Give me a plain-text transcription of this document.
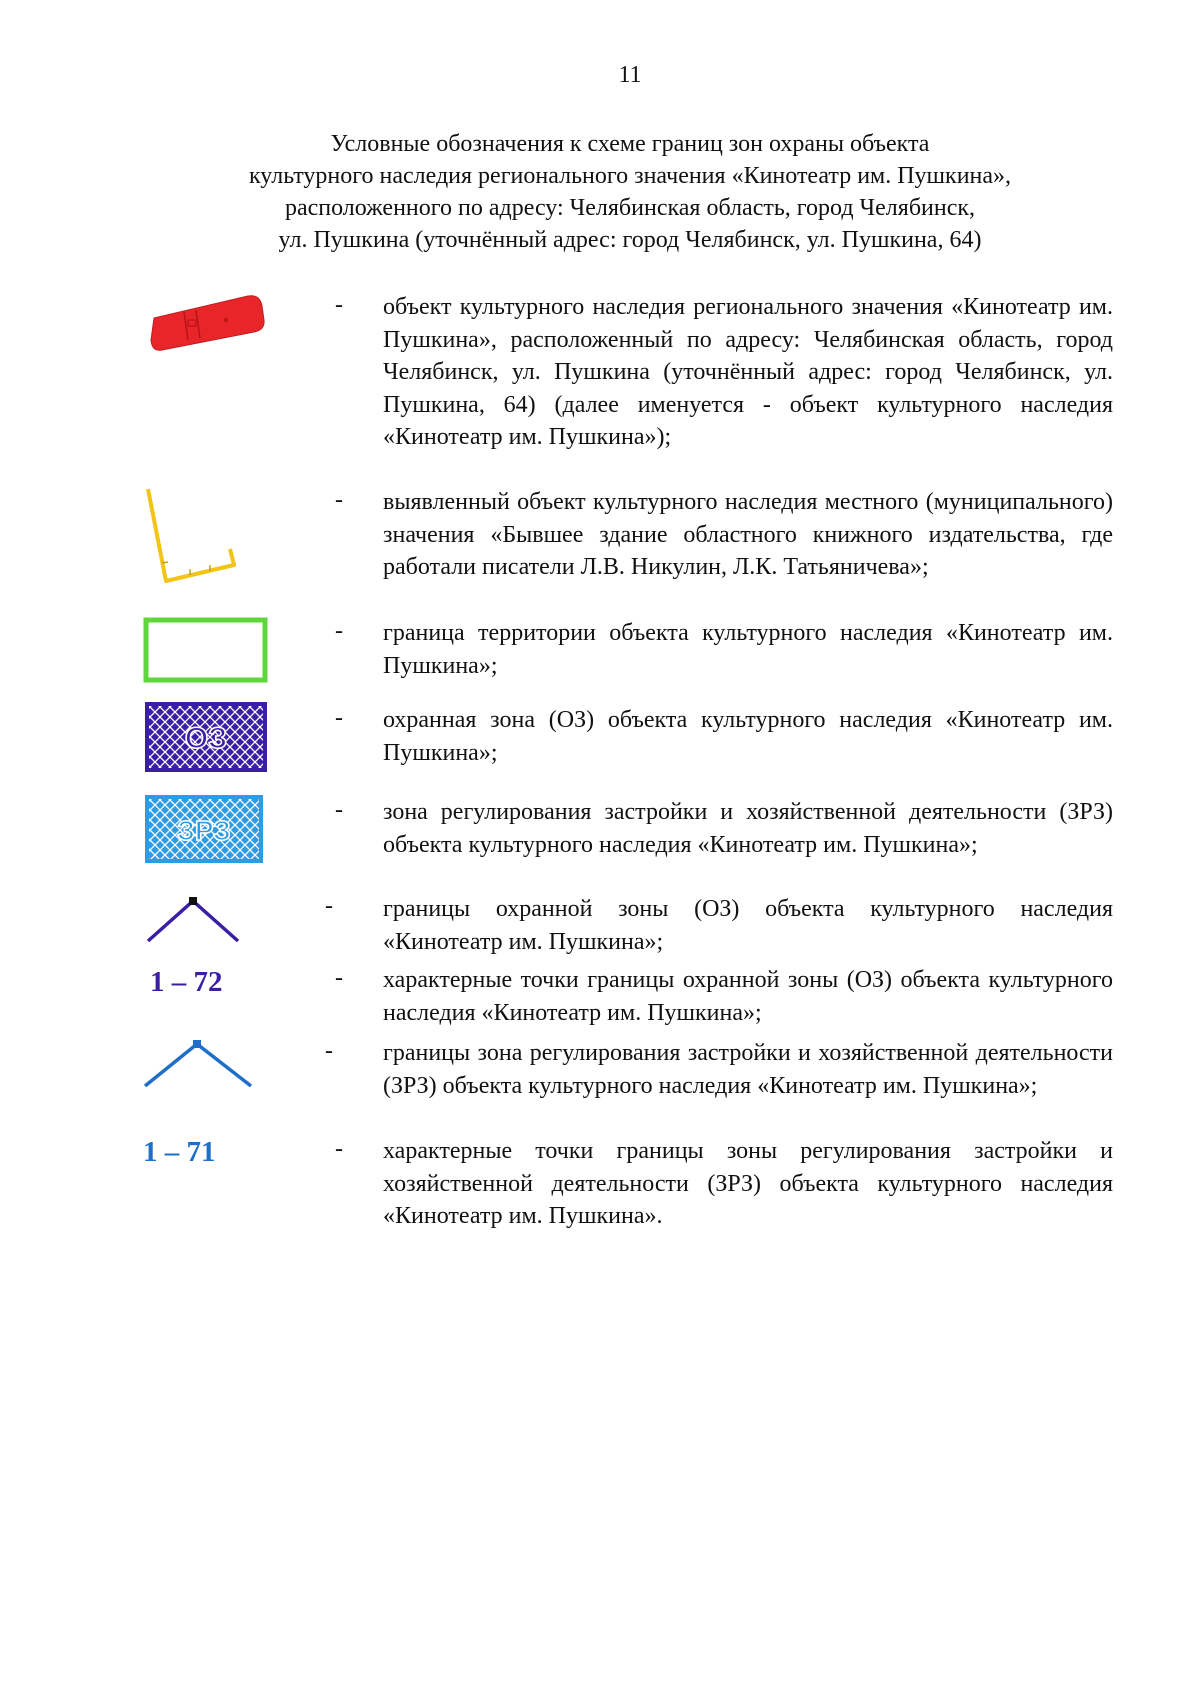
11
Условные обозначения к схеме границ зон охраны объекта
культурного наследия регионального значения «Кинотеатр им. Пушкина»,
расположенного по адресу: Челябинская область, город Челябинск,
ул. Пушкина (уточнённый адрес: город Челябинск, ул. Пушкина, 64)
- объект культурного наследия регионального значения «Кинотеатр им. Пушкина», расположенный по адресу: Челябинская область, город Челябинск, ул. Пушкина (уточнённый адрес: город Челябинск, ул. Пушкина, 64) (далее именуется - объект культурного наследия «Кинотеатр им. Пушкина»);
- выявленный объект культурного наследия местного (муниципального) значения «Бывшее здание областного книжного издательства, где работали писатели Л.В. Никулин, Л.К. Татьяничева»;
- граница территории объекта культурного наследия «Кинотеатр им. Пушкина»;
ОЗ
- охранная зона (ОЗ) объекта культурного наследия «Кинотеатр им. Пушкина»;
ЗРЗ
- зона регулирования застройки и хозяйственной деятельности (ЗРЗ) объекта культурного наследия «Кинотеатр им. Пушкина»;
- границы охранной зоны (ОЗ) объекта культурного наследия «Кинотеатр им. Пушкина»;
1 – 72	- характерные точки границы охранной зоны (ОЗ) объекта культурного наследия «Кинотеатр им. Пушкина»;
- границы зона регулирования застройки и хозяйственной деятельности (ЗРЗ) объекта культурного наследия «Кинотеатр им. Пушкина»;
1 – 71	- характерные точки границы зоны регулирования застройки и хозяйственной деятельности (ЗРЗ) объекта культурного наследия «Кинотеатр им. Пушкина».
